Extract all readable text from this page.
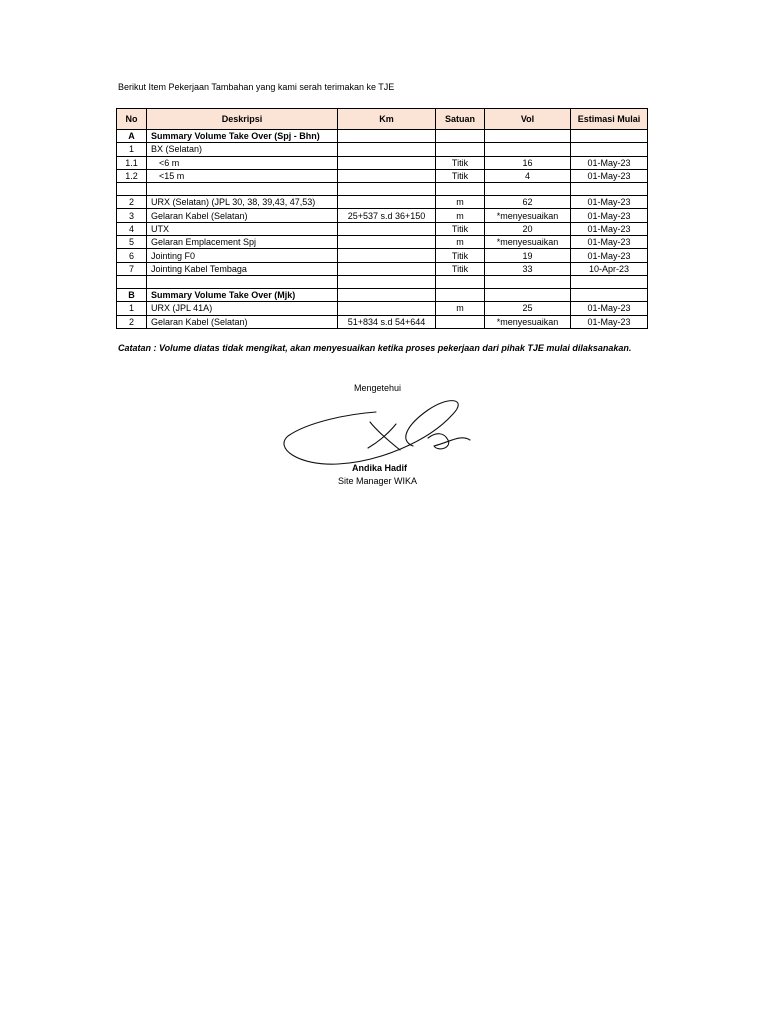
Berikut Item Pekerjaan Tambahan yang kami serah terimakan ke TJE
No	Deskripsi	Km	Satuan	Vol	Estimasi Mulai
A	Summary Volume Take Over (Spj - Bhn)				
1	BX (Selatan)				
1.1	<6 m		Titik	16	01-May-23
1.2	<15 m		Titik	4	01-May-23

2	URX (Selatan) (JPL 30, 38, 39,43, 47,53)		m	62	01-May-23
3	Gelaran Kabel (Selatan)	25+537 s.d 36+150	m	*menyesuaikan	01-May-23
4	UTX		Titik	20	01-May-23
5	Gelaran Emplacement Spj		m	*menyesuaikan	01-May-23
6	Jointing F0		Titik	19	01-May-23
7	Jointing Kabel Tembaga		Titik	33	10-Apr-23

B	Summary Volume Take Over (Mjk)				
1	URX (JPL 41A)		m	25	01-May-23
2	Gelaran Kabel (Selatan)	51+834 s.d 54+644		*menyesuaikan	01-May-23
Catatan : Volume diatas tidak mengikat, akan menyesuaikan ketika proses pekerjaan dari pihak TJE mulai dilaksanakan.
Mengetehui
Andika Hadif
Site Manager WIKA
